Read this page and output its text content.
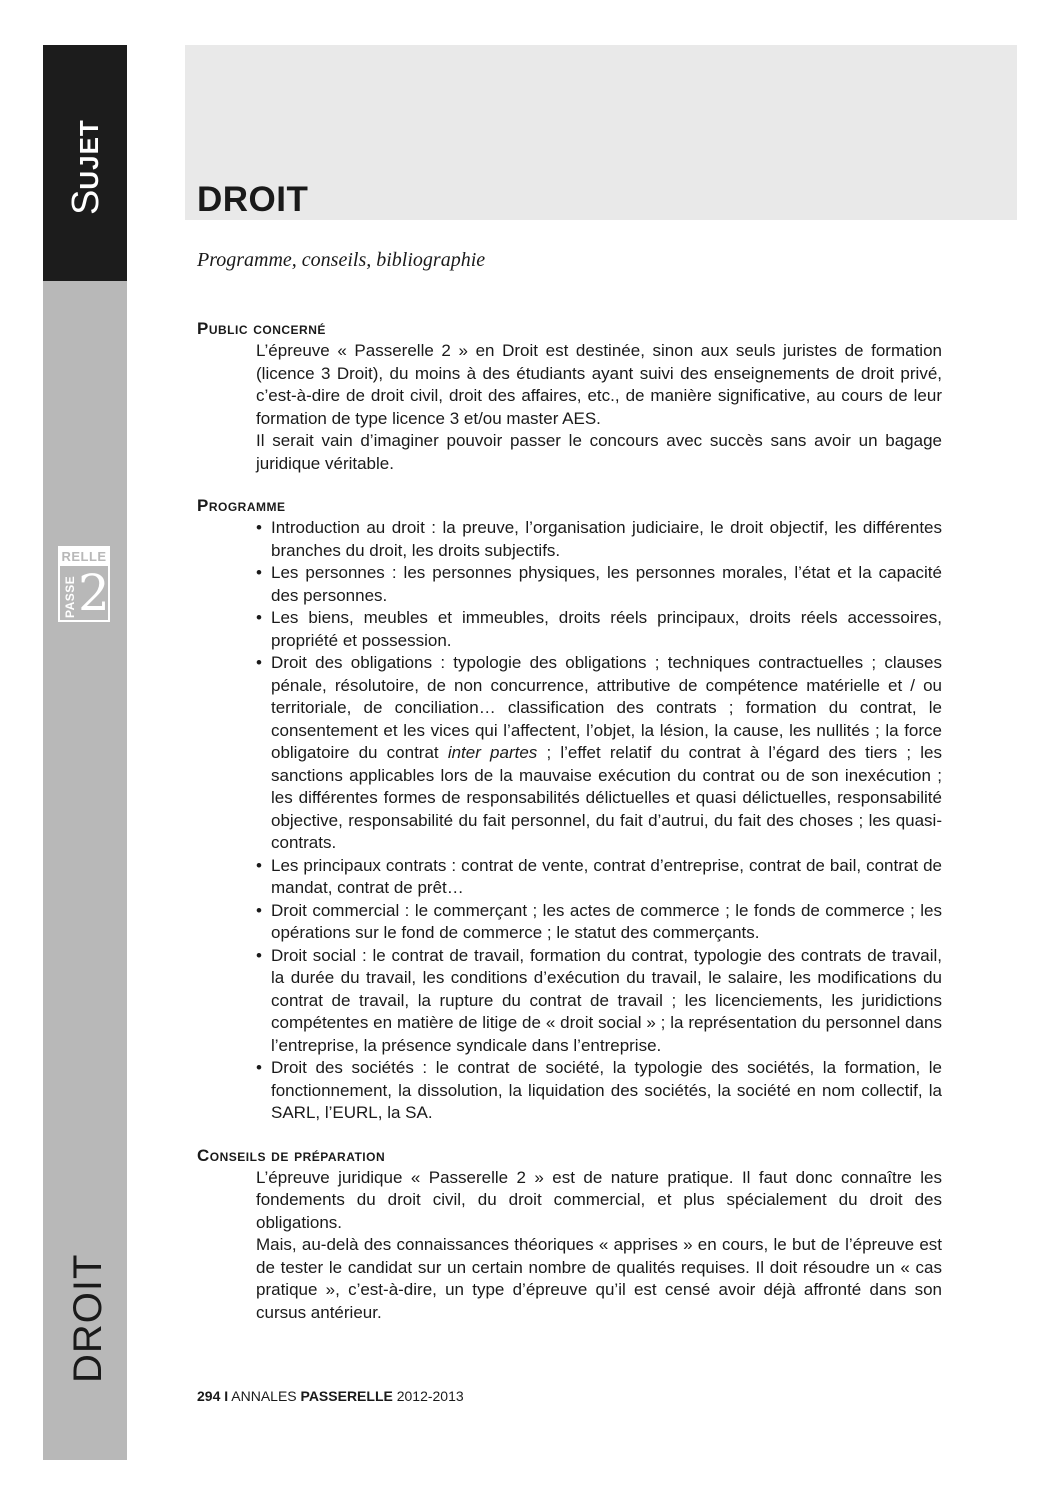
SUJET
RELLE
PASSE 2
DROIT
DROIT

Programme, conseils, bibliographie

Public concerné

L’épreuve « Passerelle 2 » en Droit est destinée, sinon aux seuls juristes de formation (licence 3 Droit), du moins à des étudiants ayant suivi des enseignements de droit privé, c’est-à-dire de droit civil, droit des affaires, etc., de manière significative, au cours de leur formation de type licence 3 et/ou master AES.

Il serait vain d’imaginer pouvoir passer le concours avec succès sans avoir un bagage juridique véritable.

Programme
• Introduction au droit : la preuve, l’organisation judiciaire, le droit objectif, les différentes branches du droit, les droits subjectifs.
• Les personnes : les personnes physiques, les personnes morales, l’état et la capacité des personnes.
• Les biens, meubles et immeubles, droits réels principaux, droits réels accessoires, propriété et possession.
• Droit des obligations : typologie des obligations ; techniques contractuelles ; clauses pénale, résolutoire, de non concurrence, attributive de compétence matérielle et / ou territoriale, de conciliation… classification des contrats ; formation du contrat, le consentement et les vices qui l’affectent, l’objet, la lésion, la cause, les nullités ; la force obligatoire du contrat inter partes ; l’effet relatif du contrat à l’égard des tiers ; les sanctions applicables lors de la mauvaise exécution du contrat ou de son inexécution ; les différentes formes de responsabilités délictuelles et quasi délictuelles, responsabilité objective, responsabilité du fait personnel, du fait d’autrui, du fait des choses ; les quasi-contrats.
• Les principaux contrats : contrat de vente, contrat d’entreprise, contrat de bail, contrat de mandat, contrat de prêt…
• Droit commercial : le commerçant ; les actes de commerce ; le fonds de commerce ; les opérations sur le fond de commerce ; le statut des commerçants.
• Droit social : le contrat de travail, formation du contrat, typologie des contrats de travail, la durée du travail, les conditions d’exécution du travail, le salaire, les modifications du contrat de travail, la rupture du contrat de travail ; les licenciements, les juridictions compétentes en matière de litige de « droit social » ; la représentation du personnel dans l’entreprise, la présence syndicale dans l’entreprise.
• Droit des sociétés : le contrat de société, la typologie des sociétés, la formation, le fonctionnement, la dissolution, la liquidation des sociétés, la société en nom collectif, la SARL, l’EURL, la SA.
Conseils de préparation

L’épreuve juridique « Passerelle 2 » est de nature pratique. Il faut donc connaître les fondements du droit civil, du droit commercial, et plus spécialement du droit des obligations.

Mais, au-delà des connaissances théoriques « apprises » en cours, le but de l’épreuve est de tester le candidat sur un certain nombre de qualités requises. Il doit résoudre un « cas pratique », c’est-à-dire, un type d’épreuve qu’il est censé avoir déjà affronté dans son cursus antérieur.

294 I ANNALES PASSERELLE 2012-2013
